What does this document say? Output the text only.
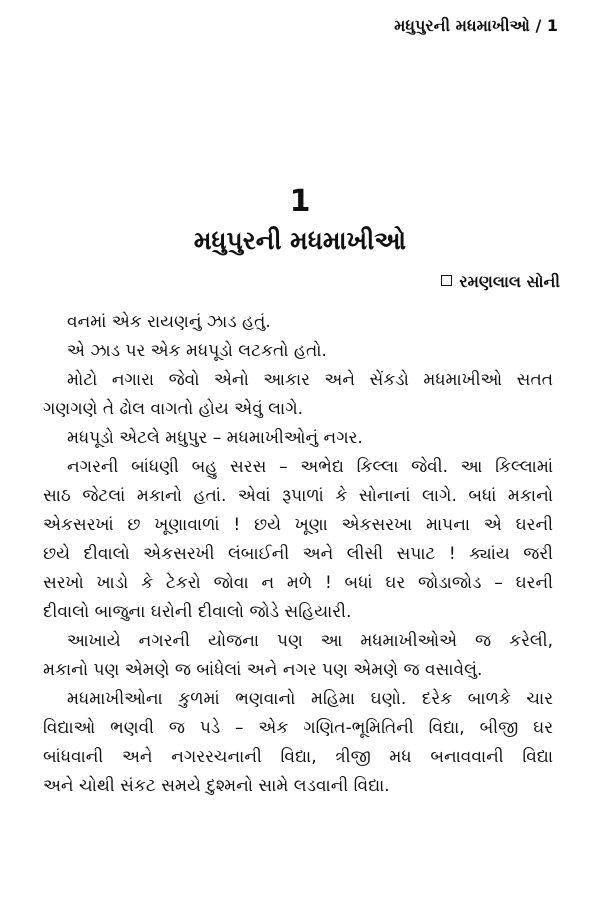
મધુપુરની મધમાખીઓ / 1
1
મધુપુરની મધમાખીઓ
રમણલાલ સોની

વનમાં એક રાયણનું ઝાડ હતું.

એ ઝાડ પર એક મધપૂડો લટકતો હતો.

મોટો નગારા જેવો એનો આકાર અને સેંકડો મધમાખીઓ સતત
ગણગણે તે ઢોલ વાગતો હોય એવું લાગે.

મધપૂડો એટલે મધુપુર – મધમાખીઓનું નગર.

નગરની બાંધણી બહુ સરસ – અભેદ્ય કિલ્લા જેવી. આ કિલ્લામાં
સાઠ જેટલાં મકાનો હતાં. એવાં રૂપાળાં કે સોનાનાં લાગે. બધાં મકાનો
એકસરખાં છ ખૂણાવાળાં ! છયે ખૂણા એકસરખા માપના એ ઘરની
છયે દીવાલો એકસરખી લંબાઈની અને લીસી સપાટ ! ક્યાંય જરી
સરખો ખાડો કે ટેકરો જોવા ન મળે ! બધાં ઘર જોડાજોડ – ઘરની
દીવાલો બાજુના ઘરોની દીવાલો જોડે સહિયારી.

આખાયે નગરની યોજના પણ આ મધમાખીઓએ જ કરેલી,
મકાનો પણ એમણે જ બાંધેલાં અને નગર પણ એમણે જ વસાવેલું.

મધમાખીઓના કુળમાં ભણવાનો મહિમા ઘણો. દરેક બાળકે ચાર
વિદ્યાઓ ભણવી જ પડે – એક ગણિત-ભૂમિતિની વિદ્યા, બીજી ઘર
બાંધવાની અને નગરરચનાની વિદ્યા, ત્રીજી મધ બનાવવાની વિદ્યા
અને ચોથી સંકટ સમયે દુશ્મનો સામે લડવાની વિદ્યા.
